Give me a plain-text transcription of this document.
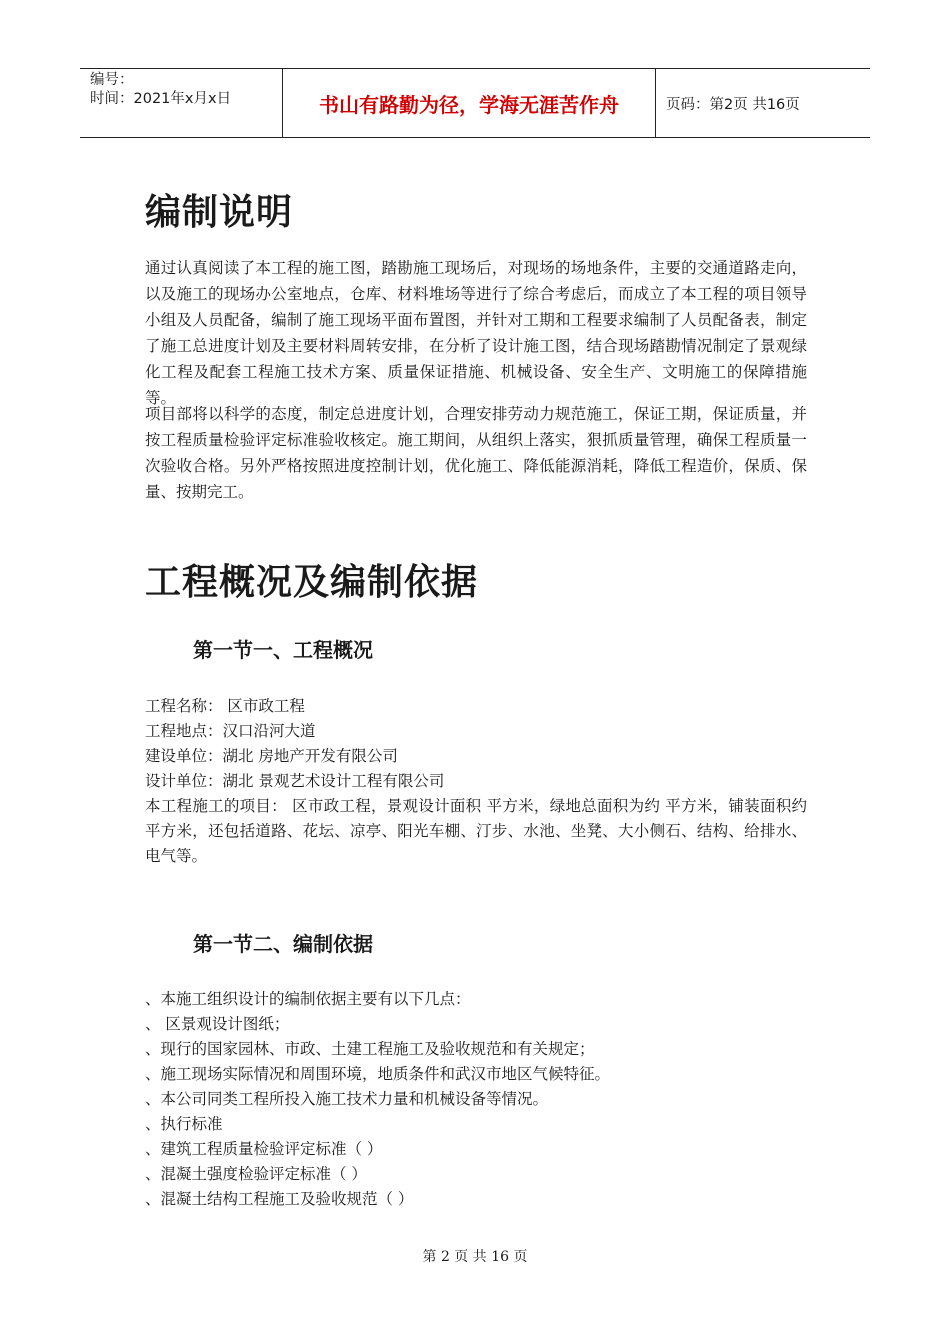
编号：
时间：2021年x月x日	书山有路勤为径，学海无涯苦作舟	页码：第2页 共16页
编制说明
通过认真阅读了本工程的施工图，踏勘施工现场后，对现场的场地条件，主要的交通道路走向，以及施工的现场办公室地点，仓库、材料堆场等进行了综合考虑后，而成立了本工程的项目领导小组及人员配备，编制了施工现场平面布置图，并针对工期和工程要求编制了人员配备表，制定了施工总进度计划及主要材料周转安排，在分析了设计施工图，结合现场踏勘情况制定了景观绿化工程及配套工程施工技术方案、质量保证措施、机械设备、安全生产、文明施工的保障措施等。
项目部将以科学的态度，制定总进度计划，合理安排劳动力规范施工，保证工期，保证质量，并按工程质量检验评定标准验收核定。施工期间，从组织上落实，狠抓质量管理，确保工程质量一次验收合格。另外严格按照进度控制计划，优化施工、降低能源消耗，降低工程造价，保质、保量、按期完工。
工程概况及编制依据
第一节一、工程概况
工程名称： 区市政工程
工程地点：汉口沿河大道
建设单位：湖北 房地产开发有限公司
设计单位：湖北 景观艺术设计工程有限公司
本工程施工的项目： 区市政工程，景观设计面积 平方米，绿地总面积为约 平方米，铺装面积约 平方米，还包括道路、花坛、凉亭、阳光车棚、汀步、水池、坐凳、大小侧石、结构、给排水、电气等。
第一节二、编制依据
、本施工组织设计的编制依据主要有以下几点：
、 区景观设计图纸；
、现行的国家园林、市政、土建工程施工及验收规范和有关规定；
、施工现场实际情况和周围环境，地质条件和武汉市地区气候特征。
、本公司同类工程所投入施工技术力量和机械设备等情况。
、执行标准
、建筑工程质量检验评定标准（ ）
、混凝土强度检验评定标准（ ）
、混凝土结构工程施工及验收规范（ ）
第 2 页 共 16 页
